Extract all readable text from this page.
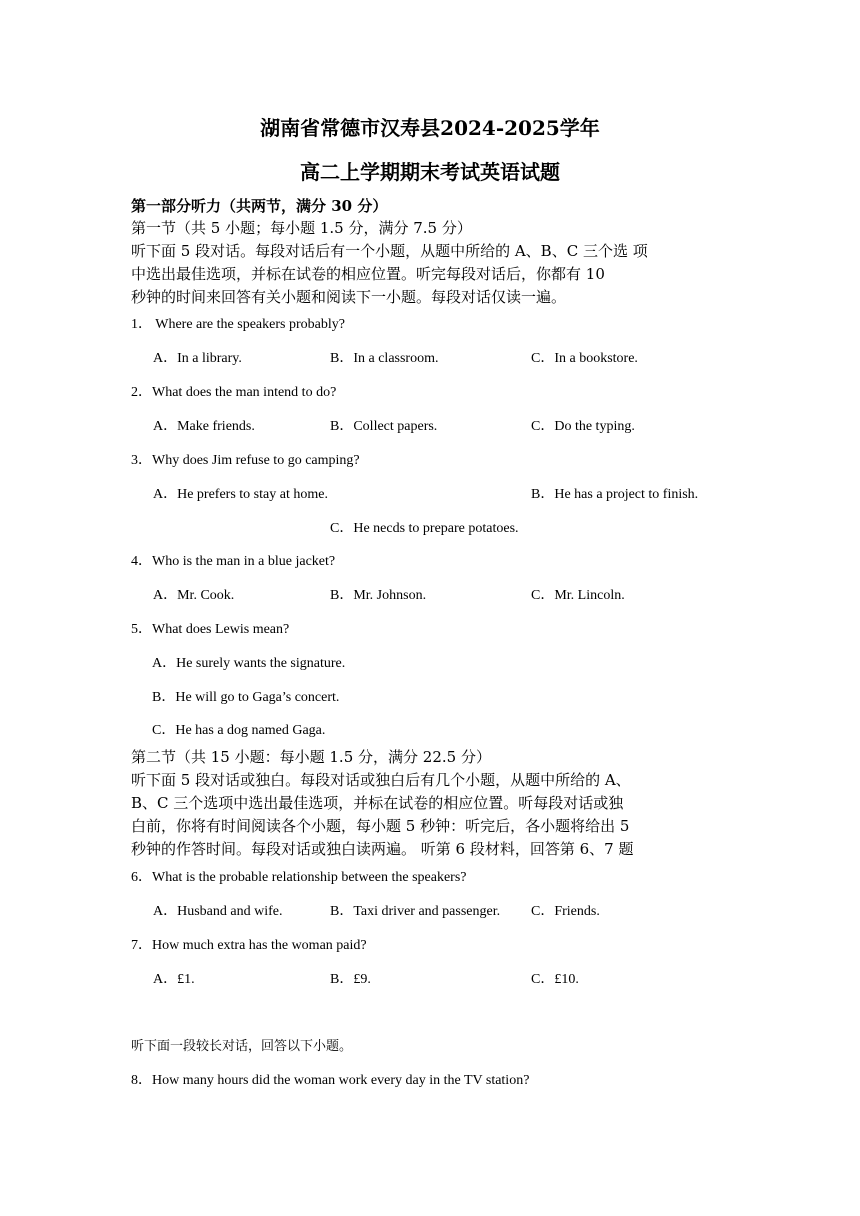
湖南省常德市汉寿县2024-2025学年
高二上学期期末考试英语试题
第一部分听力（共两节，满分 30 分）
第一节（共 5 小题；每小题 1.5 分，满分 7.5 分）
听下面 5 段对话。每段对话后有一个小题，从题中所给的 A、B、C 三个选 项
中选出最佳选项，并标在试卷的相应位置。听完每段对话后，你都有 10
秒钟的时间来回答有关小题和阅读下一小题。每段对话仅读一遍。
1． Where are the speakers probably?
A．In a library.	B．In a classroom.	C．In a bookstore.
2．What does the man intend to do?
A．Make friends.	B．Collect papers.	C．Do the typing.
3．Why does Jim refuse to go camping?
A．He prefers to stay at home.	B．He has a project to finish.
C．He necds to prepare potatoes.
4．Who is the man in a blue jacket?
A．Mr. Cook.	B．Mr. Johnson.	C．Mr. Lincoln.
5．What does Lewis mean?
A．He surely wants the signature.
B．He will go to Gaga’s concert.
C．He has a dog named Gaga.
第二节（共 15 小题：每小题 1.5 分，满分 22.5 分）
听下面 5 段对话或独白。每段对话或独白后有几个小题，从题中所给的 A、
B、C 三个选项中选出最佳选项，并标在试卷的相应位置。听每段对话或独
白前，你将有时间阅读各个小题，每小题 5 秒钟：听完后，各小题将给出 5
秒钟的作答时间。每段对话或独白读两遍。 听第 6 段材料，回答第 6、7 题
6．What is the probable relationship between the speakers?
A．Husband and wife.	B．Taxi driver and passenger. C．Friends.
7．How much extra has the woman paid?
A．£1.	B．£9.	C．£10.
听下面一段较长对话，回答以下小题。
8．How many hours did the woman work every day in the TV station?
